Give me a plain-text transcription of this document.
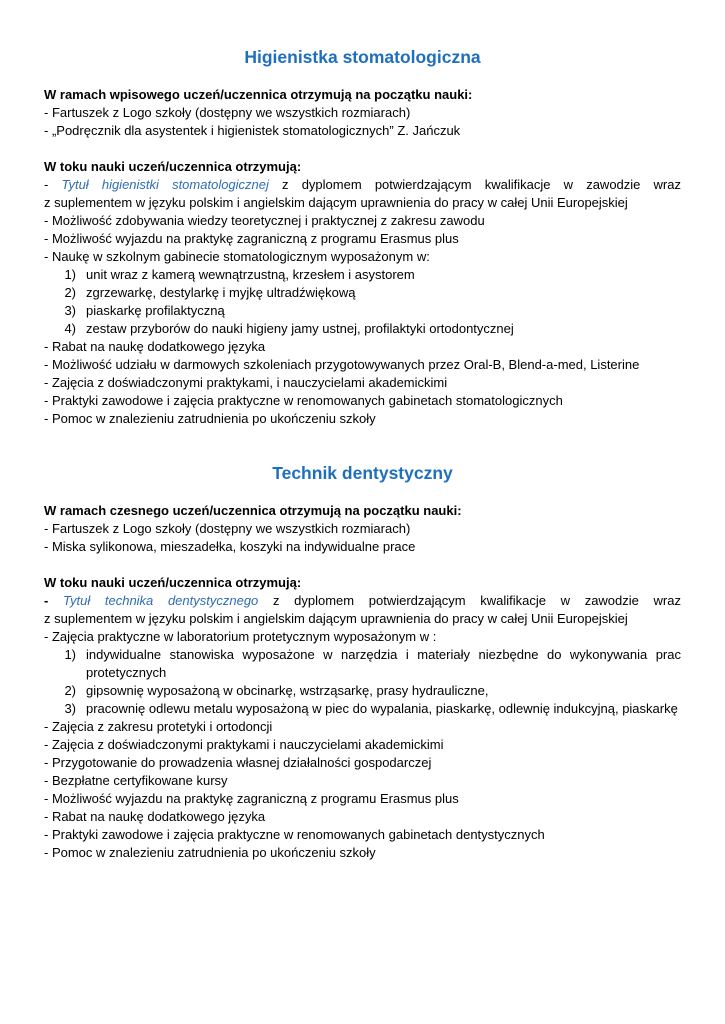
Higienistka stomatologiczna
W ramach wpisowego uczeń/uczennica otrzymują na początku nauki:
- Fartuszek z Logo szkoły (dostępny we wszystkich rozmiarach)
- „Podręcznik dla asystentek i higienistek stomatologicznych” Z. Jańczuk
W toku nauki uczeń/uczennica otrzymują:
- Tytuł higienistki stomatologicznej z dyplomem potwierdzającym kwalifikacje w zawodzie wraz
z suplementem w języku polskim i angielskim dającym uprawnienia do pracy w całej Unii Europejskiej
- Możliwość zdobywania wiedzy teoretycznej i praktycznej z zakresu zawodu
- Możliwość wyjazdu na praktykę zagraniczną z programu Erasmus plus
- Naukę w szkolnym gabinecie stomatologicznym wyposażonym w:
1) unit wraz z kamerą wewnątrzustną, krzesłem i asystorem
2) zgrzewarkę, destylarkę i myjkę ultradźwiękową
3) piaskarkę profilaktyczną
4) zestaw przyborów do nauki higieny jamy ustnej, profilaktyki ortodontycznej
- Rabat na naukę dodatkowego języka
- Możliwość udziału w darmowych szkoleniach przygotowywanych przez Oral-B, Blend-a-med, Listerine
- Zajęcia z doświadczonymi praktykami, i nauczycielami akademickimi
- Praktyki zawodowe i zajęcia praktyczne w renomowanych gabinetach stomatologicznych
- Pomoc w znalezieniu zatrudnienia po ukończeniu szkoły
Technik dentystyczny
W ramach czesnego uczeń/uczennica otrzymują na początku nauki:
- Fartuszek z Logo szkoły (dostępny we wszystkich rozmiarach)
- Miska sylikonowa, mieszadełka, koszyki na indywidualne prace
W toku nauki uczeń/uczennica otrzymują:
- Tytuł technika dentystycznego z dyplomem potwierdzającym kwalifikacje w zawodzie wraz
z suplementem w języku polskim i angielskim dającym uprawnienia do pracy w całej Unii Europejskiej
- Zajęcia praktyczne w laboratorium protetycznym wyposażonym w :
1) indywidualne stanowiska wyposażone w narzędzia i materiały niezbędne do wykonywania prac protetycznych
2) gipsownię wyposażoną w obcinarkę, wstrząsarkę, prasy hydrauliczne,
3) pracownię odlewu metalu wyposażoną w piec do wypalania, piaskarkę, odlewnię indukcyjną, piaskarkę
- Zajęcia z zakresu protetyki i ortodoncji
- Zajęcia z doświadczonymi praktykami i nauczycielami akademickimi
- Przygotowanie do prowadzenia własnej działalności gospodarczej
- Bezpłatne certyfikowane kursy
- Możliwość wyjazdu na praktykę zagraniczną z programu Erasmus plus
- Rabat na naukę dodatkowego języka
- Praktyki zawodowe i zajęcia praktyczne w renomowanych gabinetach dentystycznych
- Pomoc w znalezieniu zatrudnienia po ukończeniu szkoły
